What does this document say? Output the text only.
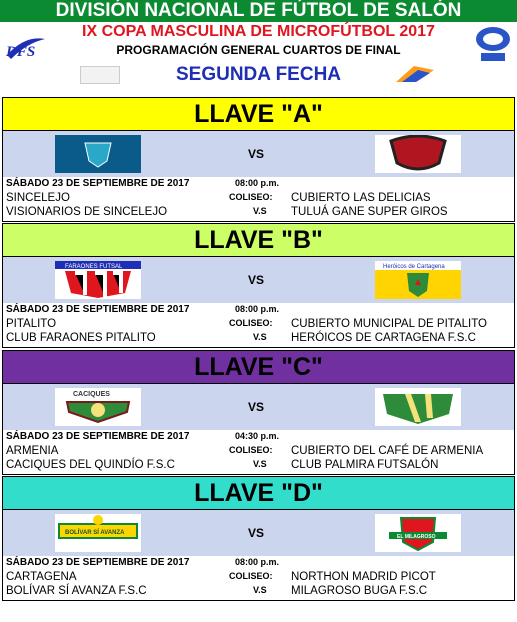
DIVISIÓN NACIONAL DE FÚTBOL DE SALÓN
DFS
IX COPA MASCULINA DE MICROFÚTBOL 2017
PROGRAMACIÓN GENERAL CUARTOS DE FINAL
SEGUNDA FECHA
LLAVE "A"
VS
SÁBADO 23 DE SEPTIEMBRE DE 2017	08:00 p.m.
SINCELEJO	COLISEO: CUBIERTO LAS DELICIAS
VISIONARIOS DE SINCELEJO	V.S TULUÁ GANE SUPER GIROS
LLAVE "B"
FARAONES FUTSAL
VS
Heróicos de Cartagena
SÁBADO 23 DE SEPTIEMBRE DE 2017	08:00 p.m.
PITALITO	COLISEO: CUBIERTO MUNICIPAL DE PITALITO
CLUB FARAONES PITALITO	V.S HERÓICOS DE CARTAGENA F.S.C
LLAVE "C"
CACIQUES
VS
SÁBADO 23 DE SEPTIEMBRE DE 2017	04:30 p.m.
ARMENIA	COLISEO: CUBIERTO DEL CAFÉ DE ARMENIA
CACIQUES DEL QUINDÍO F.S.C	V.S CLUB PALMIRA FUTSALÓN
LLAVE "D"
BOLÍVAR SÍ AVANZA	VS	EL MILAGROSO
SÁBADO 23 DE SEPTIEMBRE DE 2017	08:00 p.m.
CARTAGENA	COLISEO: NORTHON MADRID PICOT
BOLÍVAR SÍ AVANZA F.S.C	V.S MILAGROSO BUGA F.S.C
